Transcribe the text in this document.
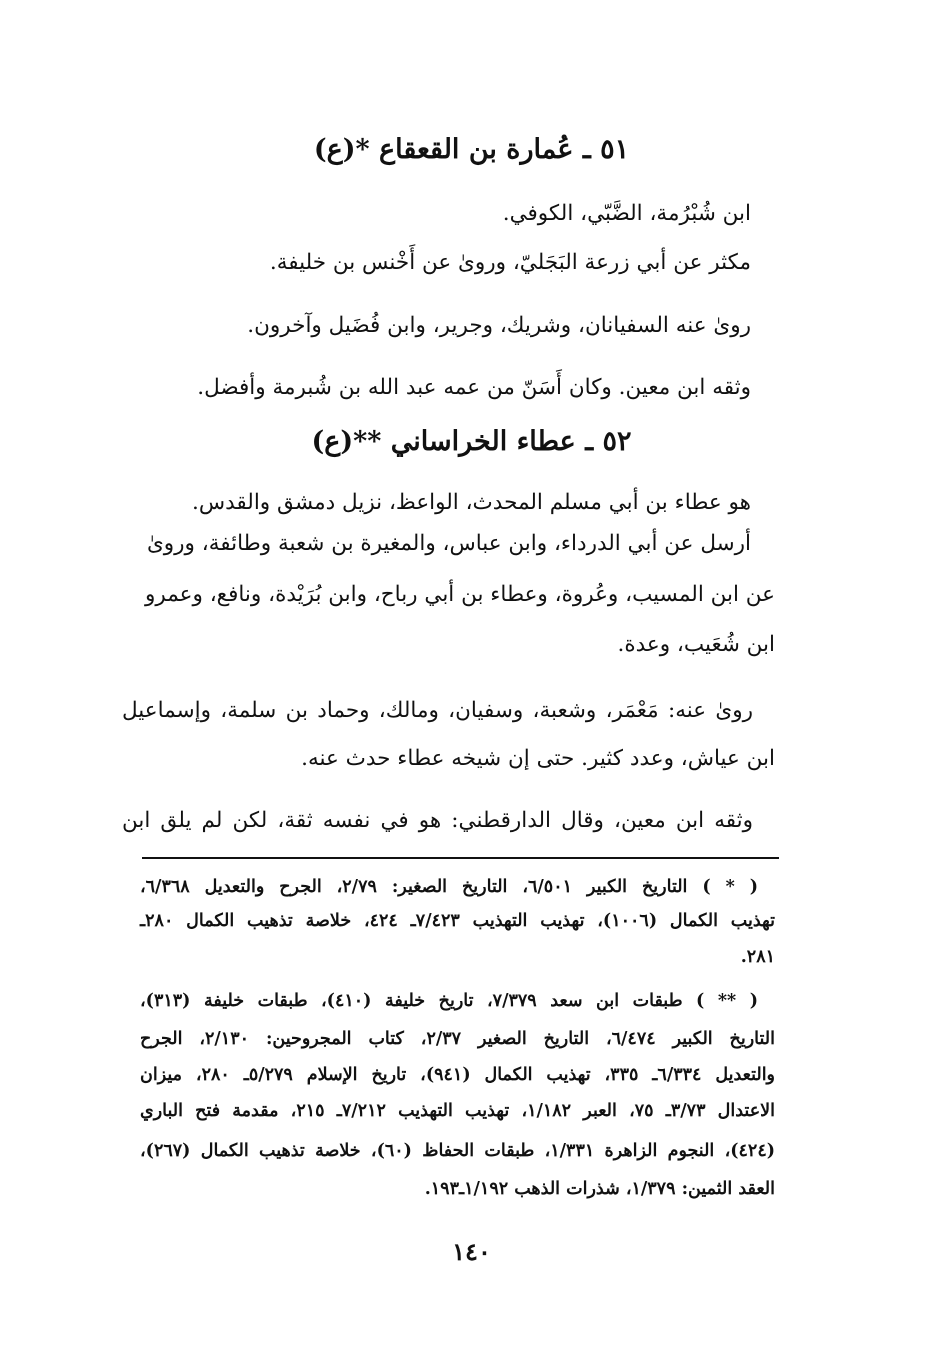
٥١ ـ عُمارة بن القعقاع *(ع)
ابن شُبْرُمة، الضَّبّي، الكوفي.
مكثر عن أبي زرعة البَجَليّ، وروىٰ عن أَخْنس بن خليفة.
روىٰ عنه السفيانان، وشريك، وجرير، وابن فُضَيل وآخرون.
وثقه ابن معين. وكان أَسَنّ من عمه عبد الله بن شُبرمة وأفضل.
٥٢ ـ عطاء الخراساني **(ع)
هو عطاء بن أبي مسلم المحدث، الواعظ، نزيل دمشق والقدس.
أرسل عن أبي الدرداء، وابن عباس، والمغيرة بن شعبة وطائفة، وروىٰ
عن ابن المسيب، وعُروة، وعطاء بن أبي رباح، وابن بُرَيْدة، ونافع، وعمرو
ابن شُعَيب، وعدة.
روىٰ عنه: مَعْمَر، وشعبة، وسفيان، ومالك، وحماد بن سلمة، وإسماعيل
ابن عياش، وعدد كثير. حتى إن شيخه عطاء حدث عنه.
وثقه ابن معين، وقال الدارقطني: هو في نفسه ثقة، لكن لم يلق ابن
( * ) التاريخ الكبير ٦/٥٠١، التاريخ الصغير: ٢/٧٩، الجرح والتعديل ٦/٣٦٨،
تهذيب الكمال (١٠٠٦)، تهذيب التهذيب ٧/٤٢٣ـ ٤٢٤، خلاصة تذهيب الكمال ٢٨٠ـ
٢٨١.
( ** ) طبقات ابن سعد ٧/٣٧٩، تاريخ خليفة (٤١٠)، طبقات خليفة (٣١٣)،
التاريخ الكبير ٦/٤٧٤، التاريخ الصغير ٢/٣٧، كتاب المجروحين: ٢/١٣٠، الجرح
والتعديل ٦/٣٣٤ـ ٣٣٥، تهذيب الكمال (٩٤١)، تاريخ الإسلام ٥/٢٧٩ـ ٢٨٠، ميزان
الاعتدال ٣/٧٣ـ ٧٥، العبر ١/١٨٢، تهذيب التهذيب ٧/٢١٢ـ ٢١٥، مقدمة فتح الباري
(٤٢٤)، النجوم الزاهرة ١/٣٣١، طبقات الحفاظ (٦٠)، خلاصة تذهيب الكمال (٢٦٧)،
العقد الثمين: ١/٣٧٩، شذرات الذهب ١/١٩٢ـ١٩٣.
١٤٠
